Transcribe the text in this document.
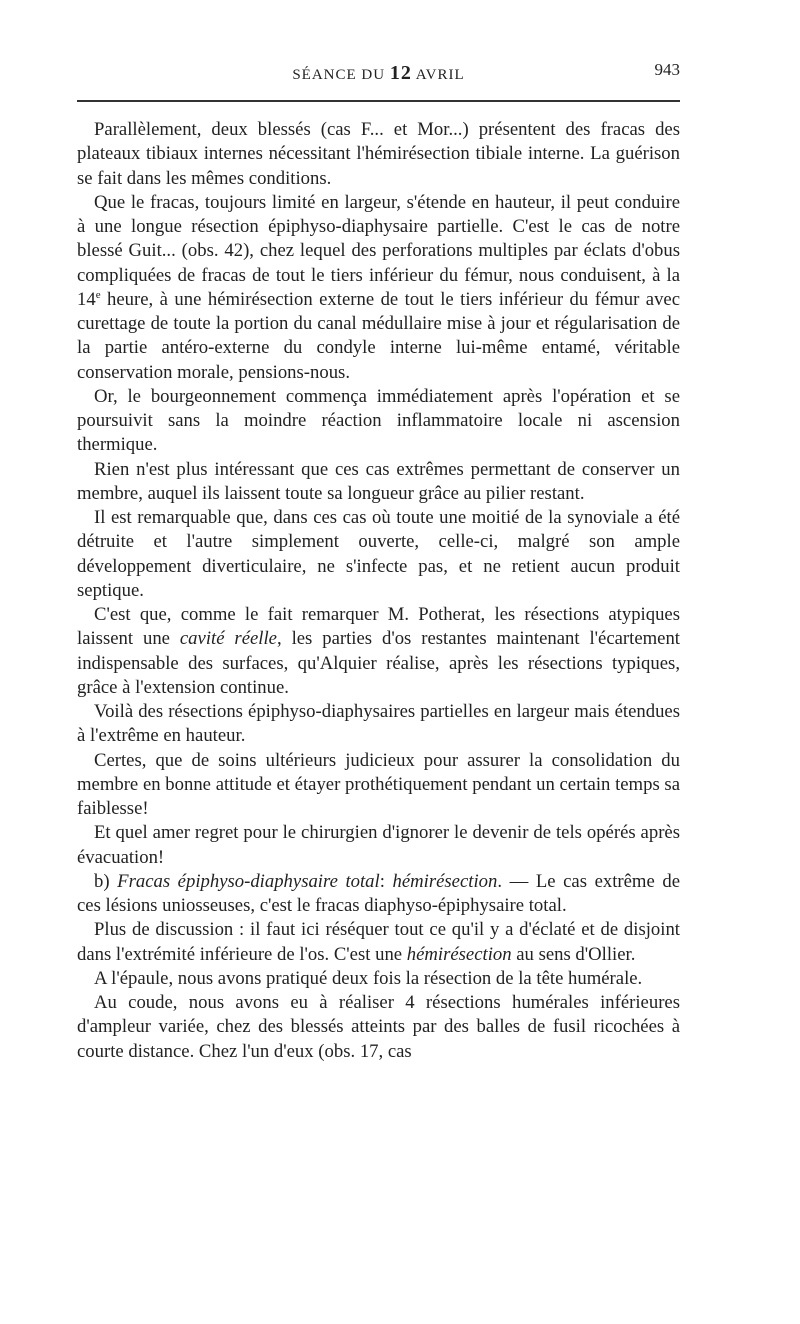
SÉANCE DU 12 AVRIL	943

Parallèlement, deux blessés (cas F... et Mor...) présentent des fracas des plateaux tibiaux internes nécessitant l'hémirésection tibiale interne. La guérison se fait dans les mêmes conditions.

Que le fracas, toujours limité en largeur, s'étende en hauteur, il peut conduire à une longue résection épiphyso-diaphysaire partielle. C'est le cas de notre blessé Guit... (obs. 42), chez lequel des perforations multiples par éclats d'obus compliquées de fracas de tout le tiers inférieur du fémur, nous conduisent, à la 14e heure, à une hémirésection externe de tout le tiers inférieur du fémur avec curettage de toute la portion du canal médullaire mise à jour et régularisation de la partie antéro-externe du condyle interne lui-même entamé, véritable conservation morale, pensions-nous.

Or, le bourgeonnement commença immédiatement après l'opération et se poursuivit sans la moindre réaction inflammatoire locale ni ascension thermique.

Rien n'est plus intéressant que ces cas extrêmes permettant de conserver un membre, auquel ils laissent toute sa longueur grâce au pilier restant.

Il est remarquable que, dans ces cas où toute une moitié de la synoviale a été détruite et l'autre simplement ouverte, celle-ci, malgré son ample développement diverticulaire, ne s'infecte pas, et ne retient aucun produit septique.

C'est que, comme le fait remarquer M. Potherat, les résections atypiques laissent une cavité réelle, les parties d'os restantes maintenant l'écartement indispensable des surfaces, qu'Alquier réalise, après les résections typiques, grâce à l'extension continue.

Voilà des résections épiphyso-diaphysaires partielles en largeur mais étendues à l'extrême en hauteur.

Certes, que de soins ultérieurs judicieux pour assurer la consolidation du membre en bonne attitude et étayer prothétiquement pendant un certain temps sa faiblesse!

Et quel amer regret pour le chirurgien d'ignorer le devenir de tels opérés après évacuation!

b) Fracas épiphyso-diaphysaire total: hémirésection. — Le cas extrême de ces lésions uniosseuses, c'est le fracas diaphyso-épiphysaire total.

Plus de discussion : il faut ici réséquer tout ce qu'il y a d'éclaté et de disjoint dans l'extrémité inférieure de l'os. C'est une hémirésection au sens d'Ollier.

A l'épaule, nous avons pratiqué deux fois la résection de la tête humérale.

Au coude, nous avons eu à réaliser 4 résections humérales inférieures d'ampleur variée, chez des blessés atteints par des balles de fusil ricochées à courte distance. Chez l'un d'eux (obs. 17, cas
